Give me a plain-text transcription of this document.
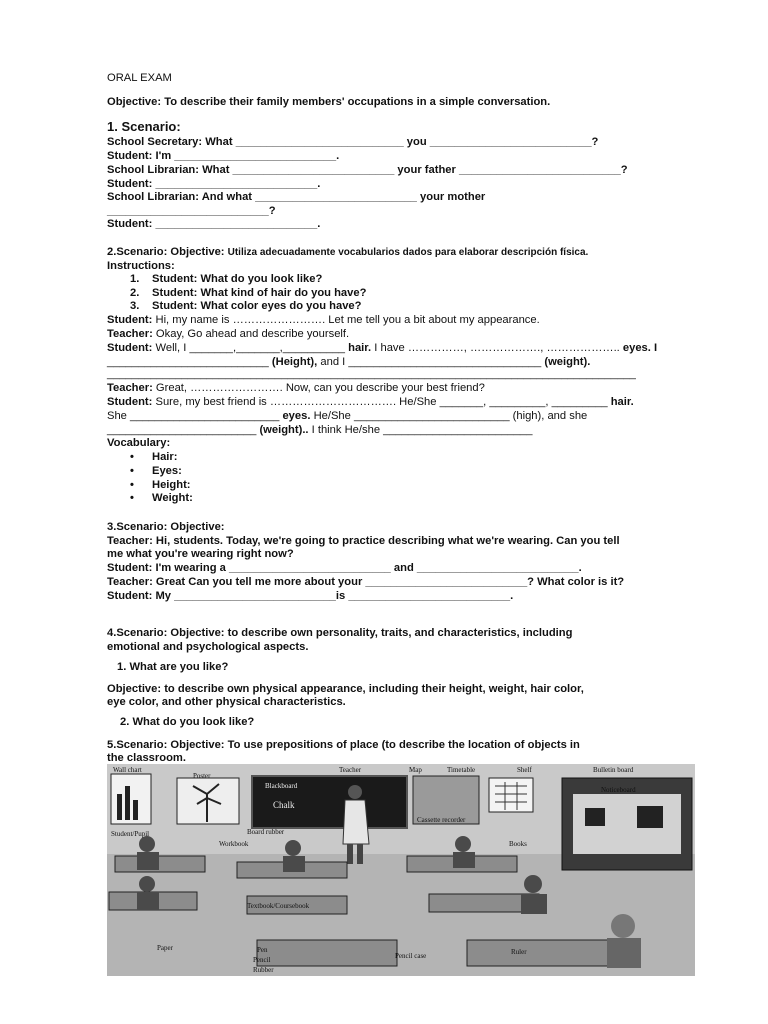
ORAL EXAM
Objective: To describe their family members' occupations in a simple conversation.
1. Scenario:
School Secretary: What ___________________________ you __________________________?
Student: I'm __________________________.
School Librarian: What __________________________ your father __________________________?
Student: __________________________.
School Librarian: And what __________________________ your mother
__________________________?
Student: __________________________.
2.Scenario: Objective: Utiliza adecuadamente vocabularios dados para elaborar descripción física.
Instructions:
1. Student: What do you look like?
2. Student: What kind of hair do you have?
3. Student: What color eyes do you have?
Student: Hi, my name is ……………………. Let me tell you a bit about my appearance.
Teacher: Okay, Go ahead and describe yourself.
Student: Well, I _______,_______,__________ hair. I have ……………, ………………., ……………….. eyes. I
__________________________ (Height), and I _______________________________ (weight).
_____________________________________________________________________________________
Teacher: Great, ……………………. Now, can you describe your best friend?
Student: Sure, my best friend is ……………………………. He/She _______, _________, _________ hair.
She ________________________ eyes. He/She _________________________ (high), and she
________________________ (weight).. I think He/she ________________________
Vocabulary:
• Hair:
• Eyes:
• Height:
• Weight:
3.Scenario: Objective:
Teacher: Hi, students. Today, we're going to practice describing what we're wearing. Can you tell
me what you're wearing right now?
Student: I'm wearing a __________________________ and __________________________.
Teacher: Great Can you tell me more about your __________________________? What color is it?
Student: My __________________________is __________________________.
4.Scenario: Objective: to describe own personality, traits, and characteristics, including
emotional and psychological aspects.
1. What are you like?
Objective: to describe own physical appearance, including their height, weight, hair color,
eye color, and other physical characteristics.
2. What do you look like?
5.Scenario: Objective: To use prepositions of place (to describe the location of objects in
the classroom.
Wall chart
Poster
Teacher	Map	Timetable	Shelf	Bulletin board
Blackboard
Chalk
Noticeboard
Cassette recorder
Student/Pupil	Board rubber
Workbook	Books
Textbook/Coursebook
Paper	Pen
Pencil
Rubber
Pencil case	Ruler
